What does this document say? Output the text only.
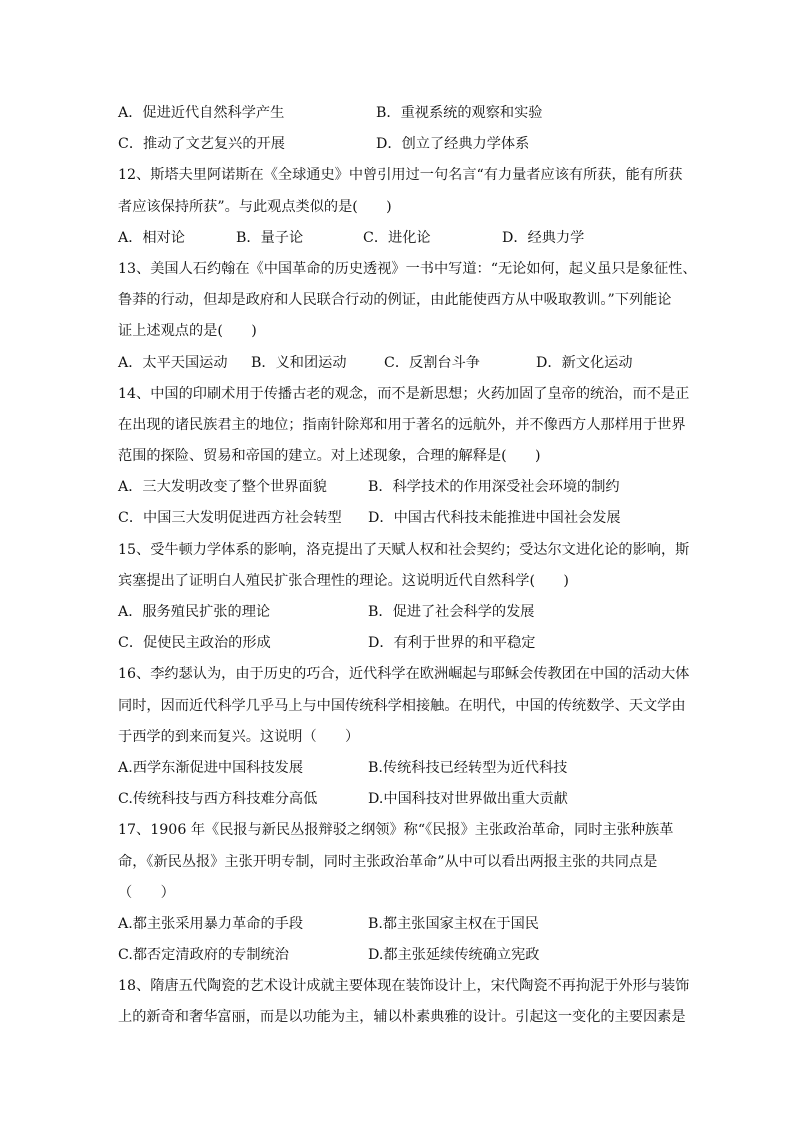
A．促进近代自然科学产生	B．重视系统的观察和实验
C．推动了文艺复兴的开展	D．创立了经典力学体系
12、斯塔夫里阿诺斯在《全球通史》中曾引用过一句名言“有力量者应该有所获，能有所获
者应该保持所获”。与此观点类似的是(　　)
A．相对论	B．量子论	C．进化论	D．经典力学
13、美国人石约翰在《中国革命的历史透视》一书中写道：“无论如何，起义虽只是象征性、
鲁莽的行动，但却是政府和人民联合行动的例证，由此能使西方从中吸取教训。”下列能论
证上述观点的是(　　)
A．太平天国运动 B．义和团运动	C．反割台斗争	D．新文化运动
14、中国的印刷术用于传播古老的观念，而不是新思想；火药加固了皇帝的统治，而不是正
在出现的诸民族君主的地位；指南针除郑和用于著名的远航外，并不像西方人那样用于世界
范围的探险、贸易和帝国的建立。对上述现象，合理的解释是(　　)
A．三大发明改变了整个世界面貌	B．科学技术的作用深受社会环境的制约
C．中国三大发明促进西方社会转型 D．中国古代科技未能推进中国社会发展
15、受牛顿力学体系的影响，洛克提出了天赋人权和社会契约；受达尔文进化论的影响，斯
宾塞提出了证明白人殖民扩张合理性的理论。这说明近代自然科学(　　)
A．服务殖民扩张的理论	B．促进了社会科学的发展
C．促使民主政治的形成	D．有利于世界的和平稳定
16、李约瑟认为，由于历史的巧合，近代科学在欧洲崛起与耶稣会传教团在中国的活动大体
同时，因而近代科学几乎马上与中国传统科学相接触。在明代，中国的传统数学、天文学由
于西学的到来而复兴。这说明（　　）
A.西学东渐促进中国科技发展	B.传统科技已经转型为近代科技
C.传统科技与西方科技难分高低	D.中国科技对世界做出重大贡献
17、1906 年《民报与新民丛报辩驳之纲领》称“《民报》主张政治革命，同时主张种族革
命，《新民丛报》主张开明专制，同时主张政治革命”从中可以看出两报主张的共同点是
（　　）
A.都主张采用暴力革命的手段	B.都主张国家主权在于国民
C.都否定清政府的专制统治	D.都主张延续传统确立宪政
18、隋唐五代陶瓷的艺术设计成就主要体现在装饰设计上，宋代陶瓷不再拘泥于外形与装饰
上的新奇和奢华富丽，而是以功能为主，辅以朴素典雅的设计。引起这一变化的主要因素是
